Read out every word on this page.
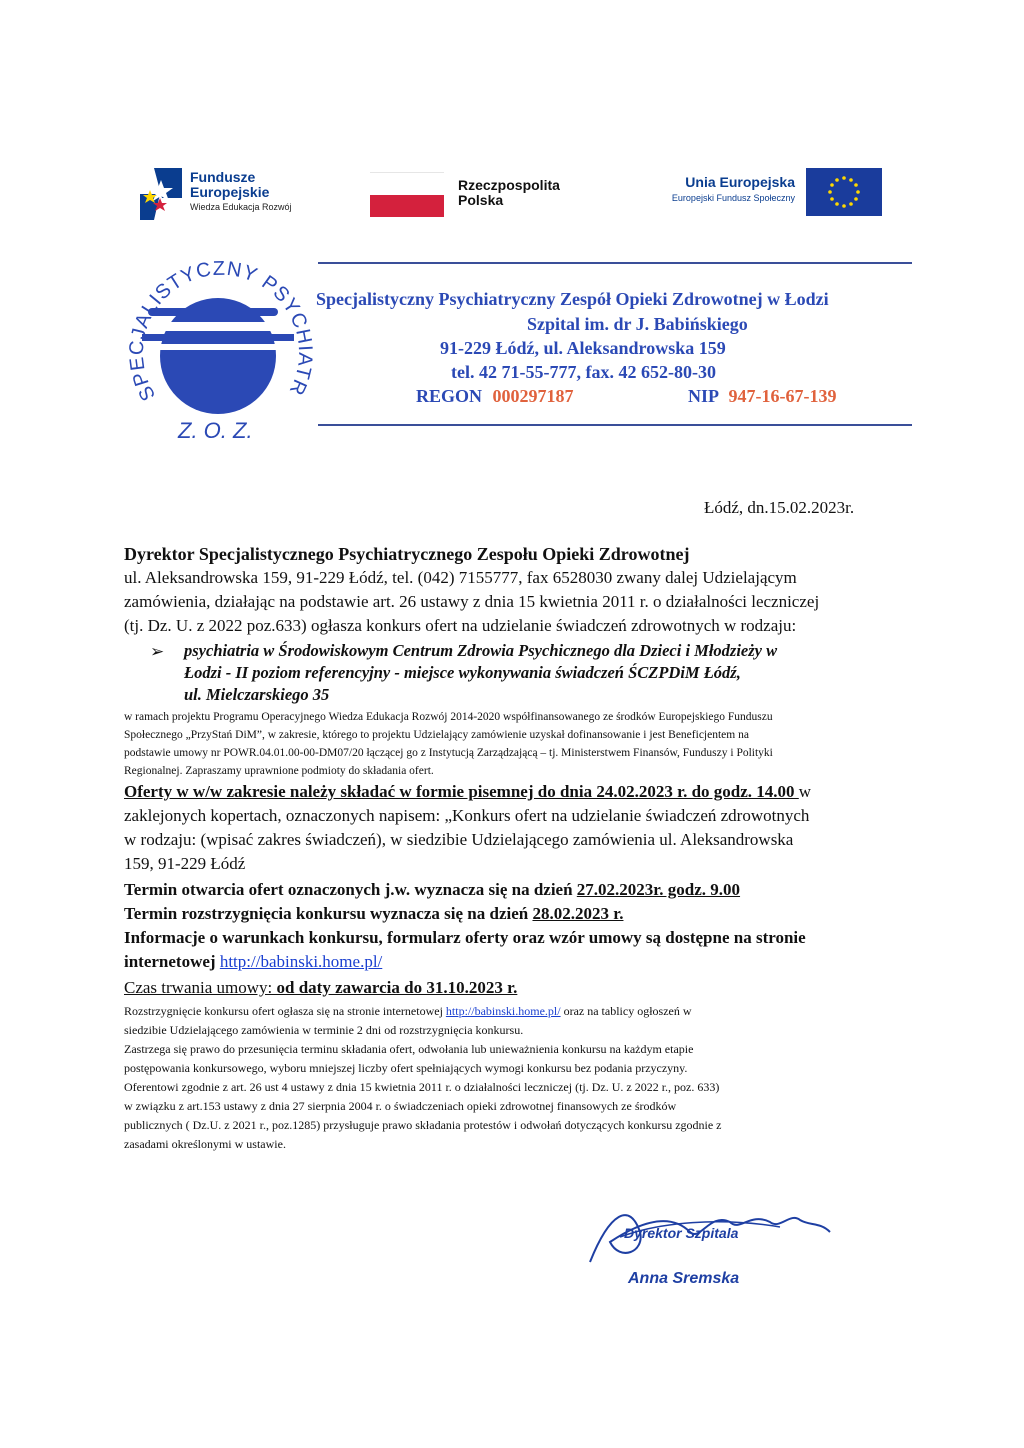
Fundusze
Europejskie
Wiedza Edukacja Rozwój
Rzeczpospolita
Polska
Unia Europejska
Europejski Fundusz Społeczny
SPECJALISTYCZNY PSYCHIATR
Z. O. Z.
Specjalistyczny Psychiatryczny Zespół Opieki Zdrowotnej w Łodzi
Szpital im. dr J. Babińskiego
91-229 Łódź, ul. Aleksandrowska 159
tel. 42 71-55-777, fax. 42 652-80-30
REGON 000297187	NIP 947-16-67-139
Łódź, dn.15.02.2023r.
Dyrektor Specjalistycznego Psychiatrycznego Zespołu Opieki Zdrowotnej
ul. Aleksandrowska 159, 91-229 Łódź, tel. (042) 7155777, fax 6528030 zwany dalej Udzielającym
zamówienia, działając na podstawie art. 26 ustawy z dnia 15 kwietnia 2011 r. o działalności leczniczej
(tj. Dz. U. z 2022 poz.633) ogłasza konkurs ofert na udzielanie świadczeń zdrowotnych w rodzaju:
➢ psychiatria w Środowiskowym Centrum Zdrowia Psychicznego dla Dzieci i Młodzieży w
Łodzi - II poziom referencyjny - miejsce wykonywania świadczeń ŚCZPDiM Łódź,
ul. Mielczarskiego 35
w ramach projektu Programu Operacyjnego Wiedza Edukacja Rozwój 2014-2020 współfinansowanego ze środków Europejskiego Funduszu
Społecznego „PrzyStań DiM”, w zakresie, którego to projektu Udzielający zamówienie uzyskał dofinansowanie i jest Beneficjentem na
podstawie umowy nr POWR.04.01.00-00-DM07/20 łączącej go z Instytucją Zarządzającą – tj. Ministerstwem Finansów, Funduszy i Polityki
Regionalnej. Zapraszamy uprawnione podmioty do składania ofert.
Oferty w w/w zakresie należy składać w formie pisemnej do dnia 24.02.2023 r. do godz. 14.00 w
zaklejonych kopertach, oznaczonych napisem: „Konkurs ofert na udzielanie świadczeń zdrowotnych
w rodzaju: (wpisać zakres świadczeń), w siedzibie Udzielającego zamówienia ul. Aleksandrowska
159, 91-229 Łódź
Termin otwarcia ofert oznaczonych j.w. wyznacza się na dzień 27.02.2023r. godz. 9.00
Termin rozstrzygnięcia konkursu wyznacza się na dzień 28.02.2023 r.
Informacje o warunkach konkursu, formularz oferty oraz wzór umowy są dostępne na stronie
internetowej http://babinski.home.pl/
Czas trwania umowy: od daty zawarcia do 31.10.2023 r.
Rozstrzygnięcie konkursu ofert ogłasza się na stronie internetowej http://babinski.home.pl/ oraz na tablicy ogłoszeń w
siedzibie Udzielającego zamówienia w terminie 2 dni od rozstrzygnięcia konkursu.
Zastrzega się prawo do przesunięcia terminu składania ofert, odwołania lub unieważnienia konkursu na każdym etapie
postępowania konkursowego, wyboru mniejszej liczby ofert spełniających wymogi konkursu bez podania przyczyny.
Oferentowi zgodnie z art. 26 ust 4 ustawy z dnia 15 kwietnia 2011 r. o działalności leczniczej (tj. Dz. U. z 2022 r., poz. 633)
w związku z art.153 ustawy z dnia 27 sierpnia 2004 r. o świadczeniach opieki zdrowotnej finansowych ze środków
publicznych ( Dz.U. z 2021 r., poz.1285) przysługuje prawo składania protestów i odwołań dotyczących konkursu zgodnie z
zasadami określonymi w ustawie.
Dyrektor Szpitala
Anna Sremska
